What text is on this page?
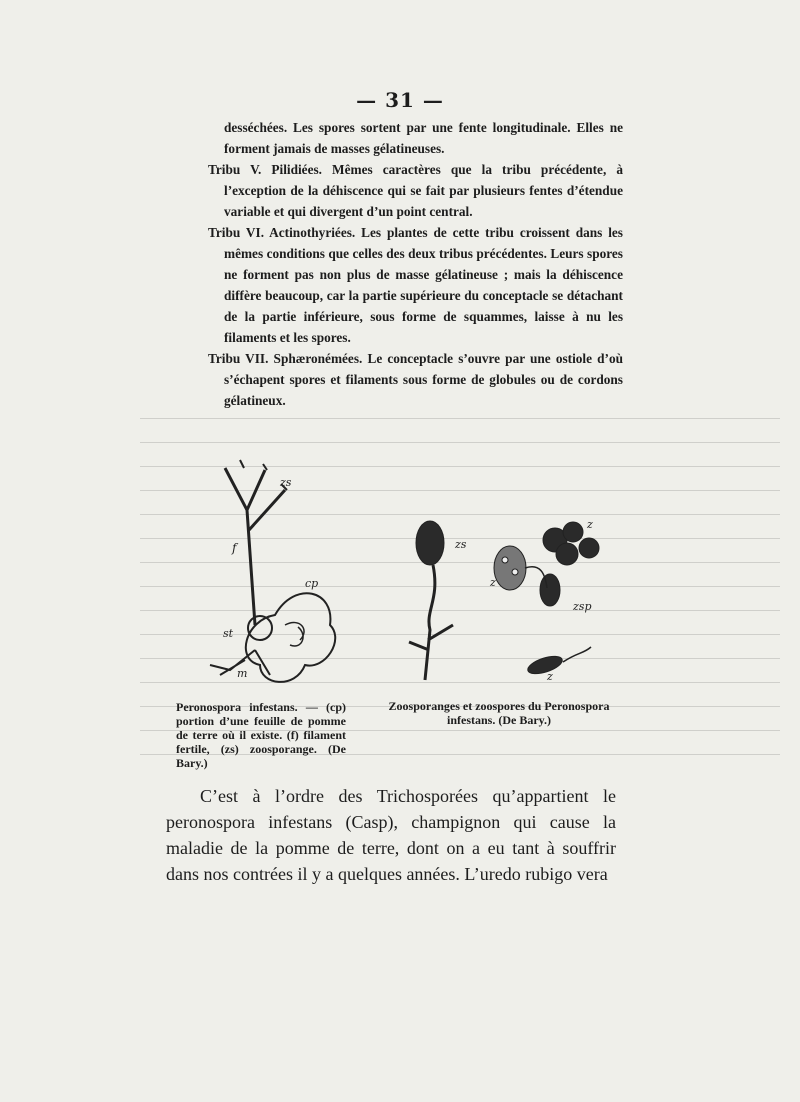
— 31 —

desséchées. Les spores sortent par une fente longitudinale. Elles ne forment jamais de masses gélatineuses.

Tribu V. Pilidiées. Mêmes caractères que la tribu précédente, à l’exception de la déhiscence qui se fait par plusieurs fentes d’étendue variable et qui divergent d’un point central.

Tribu VI. Actinothyriées. Les plantes de cette tribu croissent dans les mêmes conditions que celles des deux tribus précédentes. Leurs spores ne forment pas non plus de masse gélatineuse ; mais la déhiscence diffère beaucoup, car la partie supérieure du conceptacle se détachant de la partie inférieure, sous forme de squammes, laisse à nu les filaments et les spores.

Tribu VII. Sphæronémées. Le conceptacle s’ouvre par une ostiole d’où s’échapent spores et filaments sous forme de globules ou de cordons gélatineux.

zs
f
cp
st
m
zs
z
z
z
zsp
Peronospora infestans. — (cp) portion d’une feuille de pomme de terre où il existe. (f) filament fertile, (zs) zoosporange. (De Bary.)
Zoosporanges et zoospores du Peronospora infestans. (De Bary.)

C’est à l’ordre des Trichosporées qu’appartient le peronospora infestans (Casp), champignon qui cause la maladie de la pomme de terre, dont on a eu tant à souffrir dans nos contrées il y a quelques années. L’uredo rubigo vera
